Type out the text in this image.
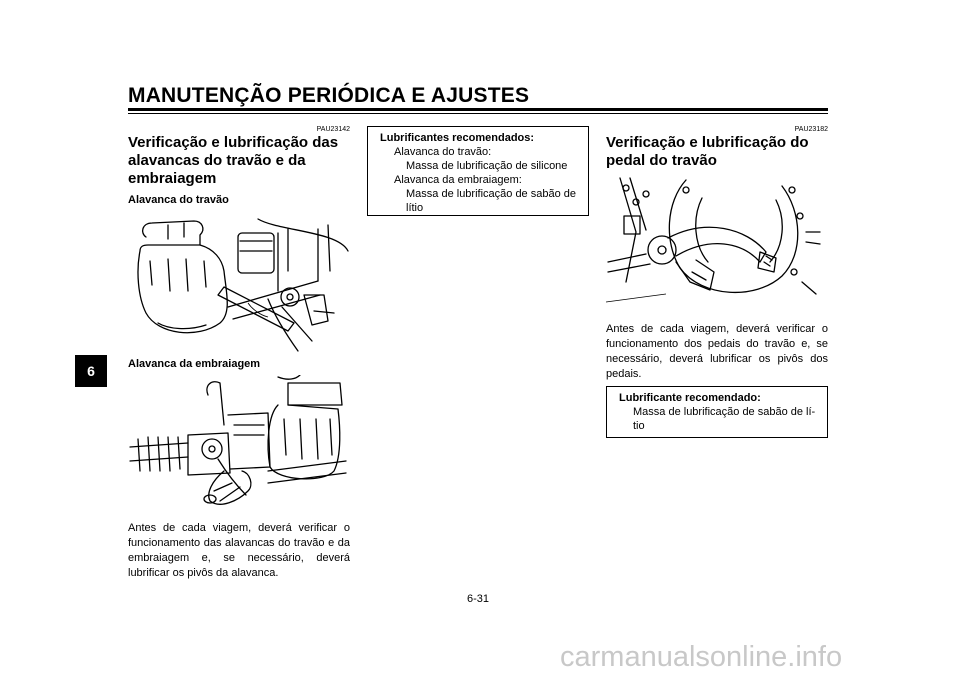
MANUTENÇÃO PERIÓDICA E AJUSTES
6
PAU23142
Verificação e lubrificação das alavancas do travão e da embraiagem
Alavanca do travão
Alavanca da embraiagem
Antes de cada viagem, deverá verificar o funcionamento das alavancas do travão e da embraiagem e, se necessário, deverá lubrificar os pivôs da alavanca.
Lubrificantes recomendados:
Alavanca do travão:
Massa de lubrificação de silicone
Alavanca da embraiagem:
Massa de lubrificação de sabão de lítio
PAU23182
Verificação e lubrificação do pedal do travão
Antes de cada viagem, deverá verificar o funcionamento dos pedais do travão e, se necessário, deverá lubrificar os pivôs dos pedais.
Lubrificante recomendado:
Massa de lubrificação de sabão de lí-tio
6-31
carmanualsonline.info
